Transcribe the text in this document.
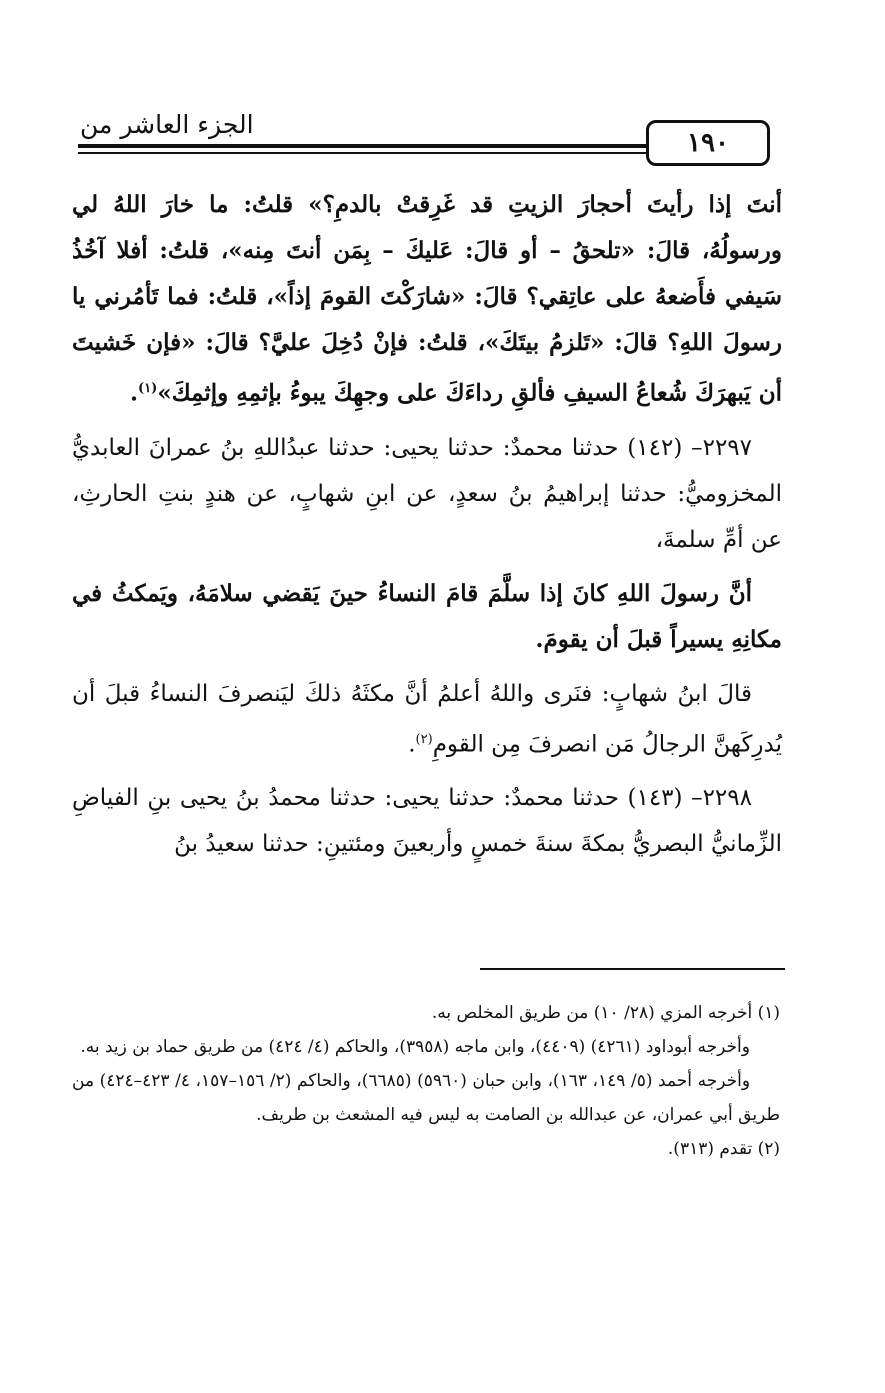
الجزء العاشر من
١٩٠

أنتَ إذا رأيتَ أحجارَ الزيتِ قد غَرِقتْ بالدمِ؟» قلتُ: ما خارَ اللهُ لي ورسولُهُ، قالَ: «تلحقُ – أو قالَ: عَليكَ – بِمَن أنتَ مِنه»، قلتُ: أفلا آخُذُ سَيفي فأَضعهُ على عاتِقي؟ قالَ: «شارَكْتَ القومَ إذاً»، قلتُ: فما تَأمُرني يا رسولَ اللهِ؟ قالَ: «تَلزمُ بيتَكَ»، قلتُ: فإنْ دُخِلَ عليَّ؟ قالَ: «فإن خَشيتَ أن يَبهرَكَ شُعاعُ السيفِ فألقِ رداءَكَ على وجهِكَ يبوءُ بإثمِهِ وإثمِكَ»$^{(١)}$.

٢٢٩٧– (١٤٢) حدثنا محمدٌ: حدثنا يحيى: حدثنا عبدُاللهِ بنُ عمرانَ العابديُّ المخزوميُّ: حدثنا إبراهيمُ بنُ سعدٍ، عن ابنِ شهابٍ، عن هندٍ بنتِ الحارثِ، عن أمِّ سلمةَ،

أنَّ رسولَ اللهِ كانَ إذا سلَّمَ قامَ النساءُ حينَ يَقضي سلامَهُ، ويَمكثُ في مكانِهِ يسيراً قبلَ أن يقومَ.

قالَ ابنُ شهابٍ: فنَرى واللهُ أعلمُ أنَّ مكثَهُ ذلكَ ليَنصرفَ النساءُ قبلَ أن يُدرِكَهنَّ الرجالُ مَن انصرفَ مِن القومِ$^{(٢)}$.

٢٢٩٨– (١٤٣) حدثنا محمدٌ: حدثنا يحيى: حدثنا محمدُ بنُ يحيى بنِ الفياضِ الزِّمانيُّ البصريُّ بمكةَ سنةَ خمسٍ وأربعينَ ومئتينِ: حدثنا سعيدُ بنُ

(١) أخرجه المزي (٢٨/ ١٠) من طريق المخلص به.

وأخرجه أبوداود (٤٢٦١) (٤٤٠٩)، وابن ماجه (٣٩٥٨)، والحاكم (٤/ ٤٢٤) من طريق حماد بن زيد به.

وأخرجه أحمد (٥/ ١٤٩، ١٦٣)، وابن حبان (٥٩٦٠) (٦٦٨٥)، والحاكم (٢/ ١٥٦–١٥٧، ٤/ ٤٢٣–٤٢٤) من طريق أبي عمران، عن عبدالله بن الصامت به ليس فيه المشعث بن طريف.

(٢) تقدم (٣١٣).
